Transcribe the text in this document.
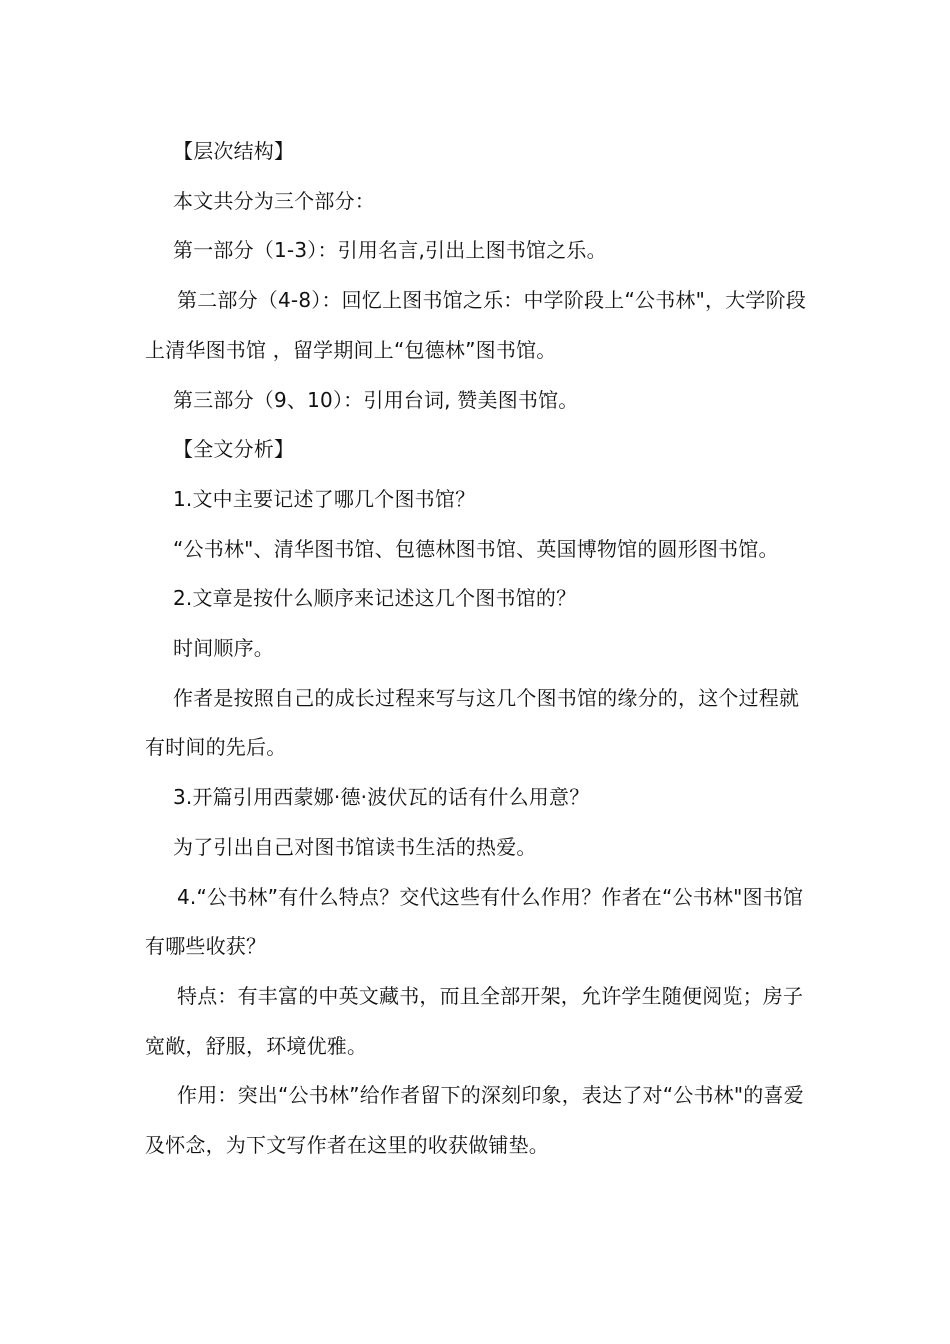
【层次结构】

本文共分为三个部分：

第一部分（1-3）：引用名言,引出上图书馆之乐。

第二部分（4-8）：回忆上图书馆之乐：中学阶段上“公书林"，大学阶段上清华图书馆 ，留学期间上“包德林”图书馆。

第三部分（9、10）：引用台词, 赞美图书馆。

【全文分析】

1.文中主要记述了哪几个图书馆？

“公书林"、清华图书馆、包德林图书馆、英国博物馆的圆形图书馆。

2.文章是按什么顺序来记述这几个图书馆的？

时间顺序。

作者是按照自己的成长过程来写与这几个图书馆的缘分的，这个过程就有时间的先后。

3.开篇引用西蒙娜·德·波伏瓦的话有什么用意？

为了引出自己对图书馆读书生活的热爱。

4.“公书林”有什么特点？交代这些有什么作用？作者在“公书林"图书馆有哪些收获？

特点：有丰富的中英文藏书，而且全部开架，允许学生随便阅览；房子宽敞，舒服，环境优雅。

作用：突出“公书林”给作者留下的深刻印象，表达了对“公书林"的喜爱及怀念，为下文写作者在这里的收获做铺垫。
